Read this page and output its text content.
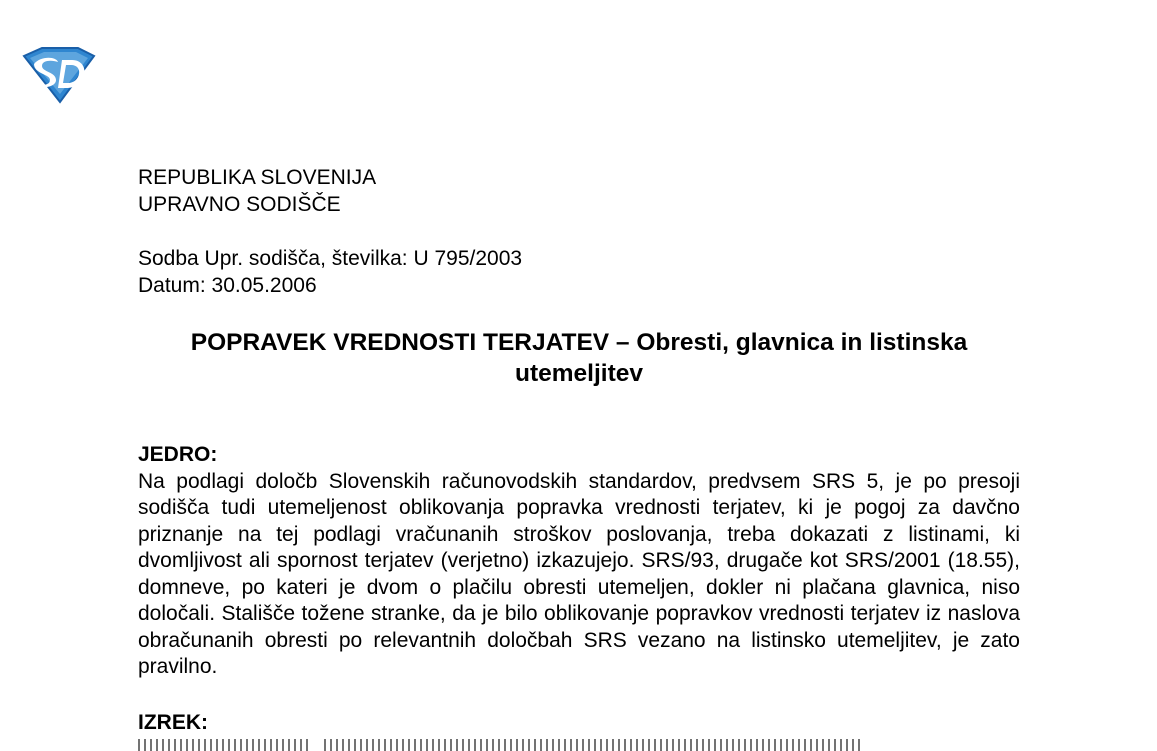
REPUBLIKA SLOVENIJA
UPRAVNO SODIŠČE
Sodba Upr. sodišča, številka: U 795/2003
Datum: 30.05.2006
POPRAVEK VREDNOSTI TERJATEV – Obresti, glavnica in listinska
utemeljitev
JEDRO:

Na podlagi določb Slovenskih računovodskih standardov, predvsem SRS 5, je po presoji sodišča tudi utemeljenost oblikovanja popravka vrednosti terjatev, ki je pogoj za davčno priznanje na tej podlagi vračunanih stroškov poslovanja, treba dokazati z listinami, ki dvomljivost ali spornost terjatev (verjetno) izkazujejo. SRS/93, drugače kot SRS/2001 (18.55), domneve, po kateri je dvom o plačilu obresti utemeljen, dokler ni plačana glavnica, niso določali. Stališče tožene stranke, da je bilo oblikovanje popravkov vrednosti terjatev iz naslova obračunanih obresti po relevantnih določbah SRS vezano na listinsko utemeljitev, je zato pravilno.

IZREK:
